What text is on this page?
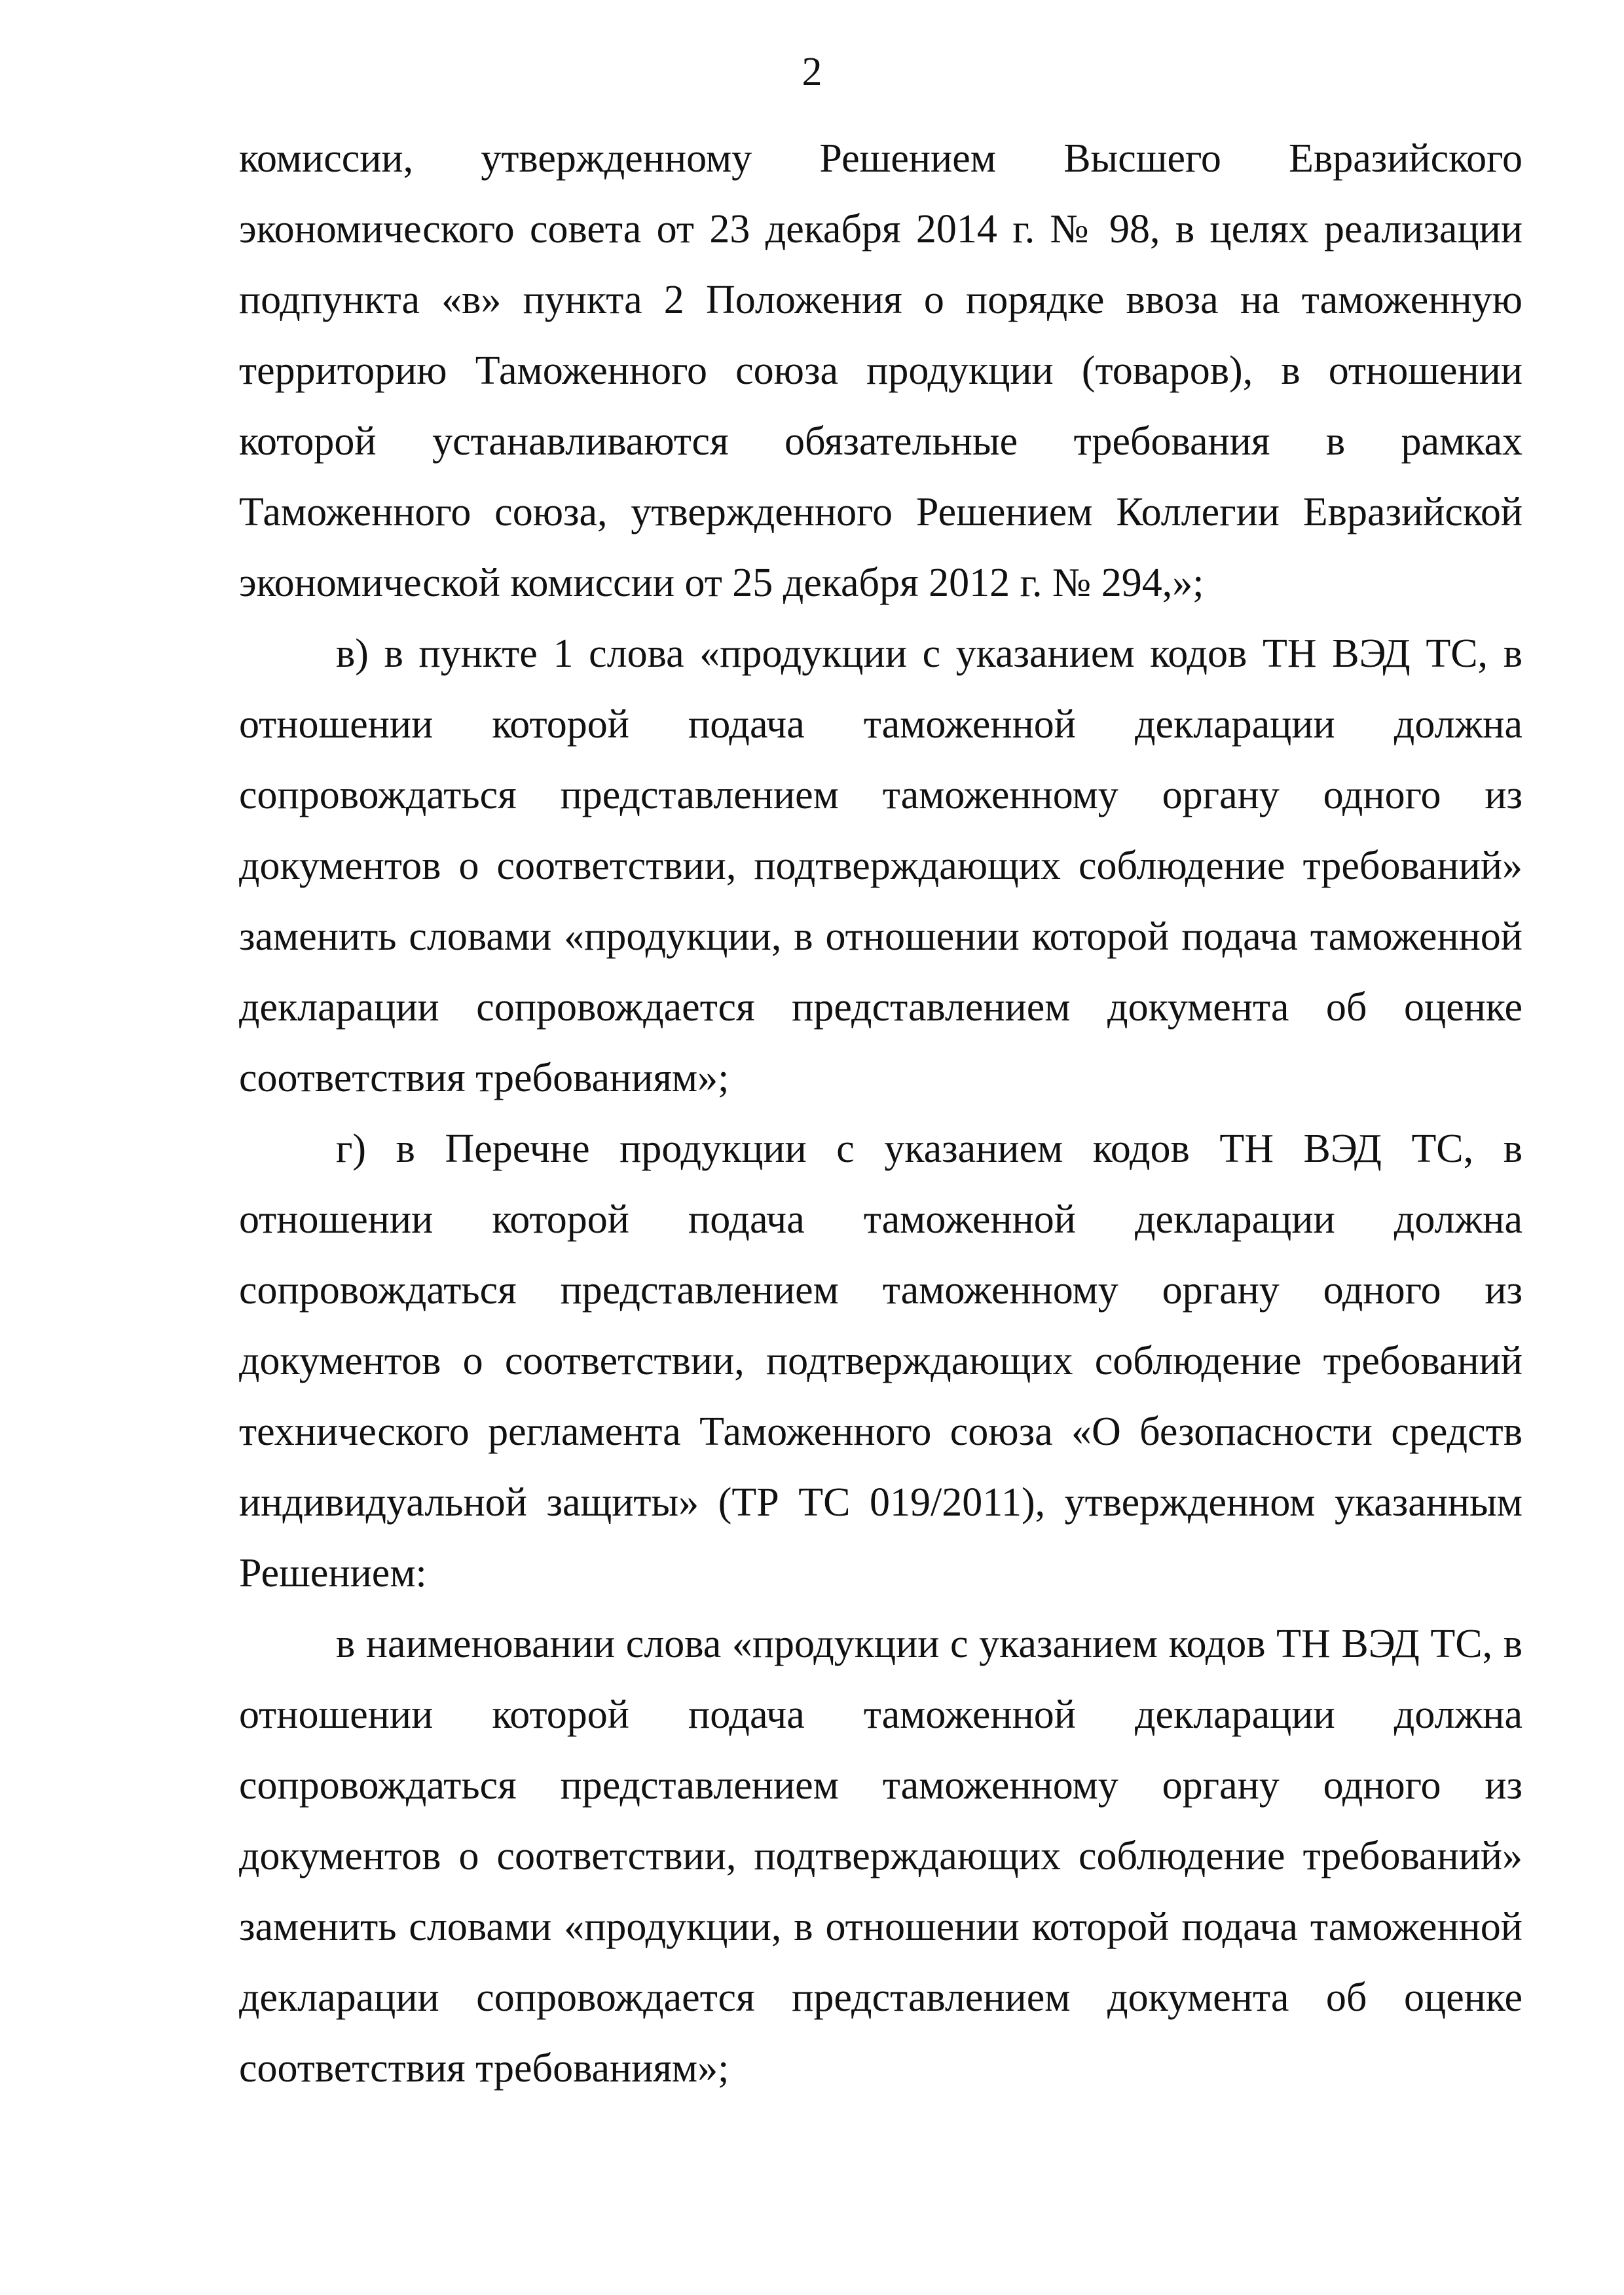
2

комиссии, утвержденному Решением Высшего Евразийского экономического совета от 23 декабря 2014 г. № 98, в целях реализации подпункта «в» пункта 2 Положения о порядке ввоза на таможенную территорию Таможенного союза продукции (товаров), в отношении которой устанавливаются обязательные требования в рамках Таможенного союза, утвержденного Решением Коллегии Евразийской экономической комиссии от 25 декабря 2012 г. № 294,»;

в) в пункте 1 слова «продукции с указанием кодов ТН ВЭД ТС, в отношении которой подача таможенной декларации должна сопровождаться представлением таможенному органу одного из документов о соответствии, подтверждающих соблюдение требований» заменить словами «продукции, в отношении которой подача таможенной декларации сопровождается представлением документа об оценке соответствия требованиям»;

г) в Перечне продукции с указанием кодов ТН ВЭД ТС, в отношении которой подача таможенной декларации должна сопровождаться представлением таможенному органу одного из документов о соответствии, подтверждающих соблюдение требований технического регламента Таможенного союза «О безопасности средств индивидуальной защиты» (ТР ТС 019/2011), утвержденном указанным Решением:

в наименовании слова «продукции с указанием кодов ТН ВЭД ТС, в отношении которой подача таможенной декларации должна сопровождаться представлением таможенному органу одного из документов о соответствии, подтверждающих соблюдение требований» заменить словами «продукции, в отношении которой подача таможенной декларации сопровождается представлением документа об оценке соответствия требованиям»;
